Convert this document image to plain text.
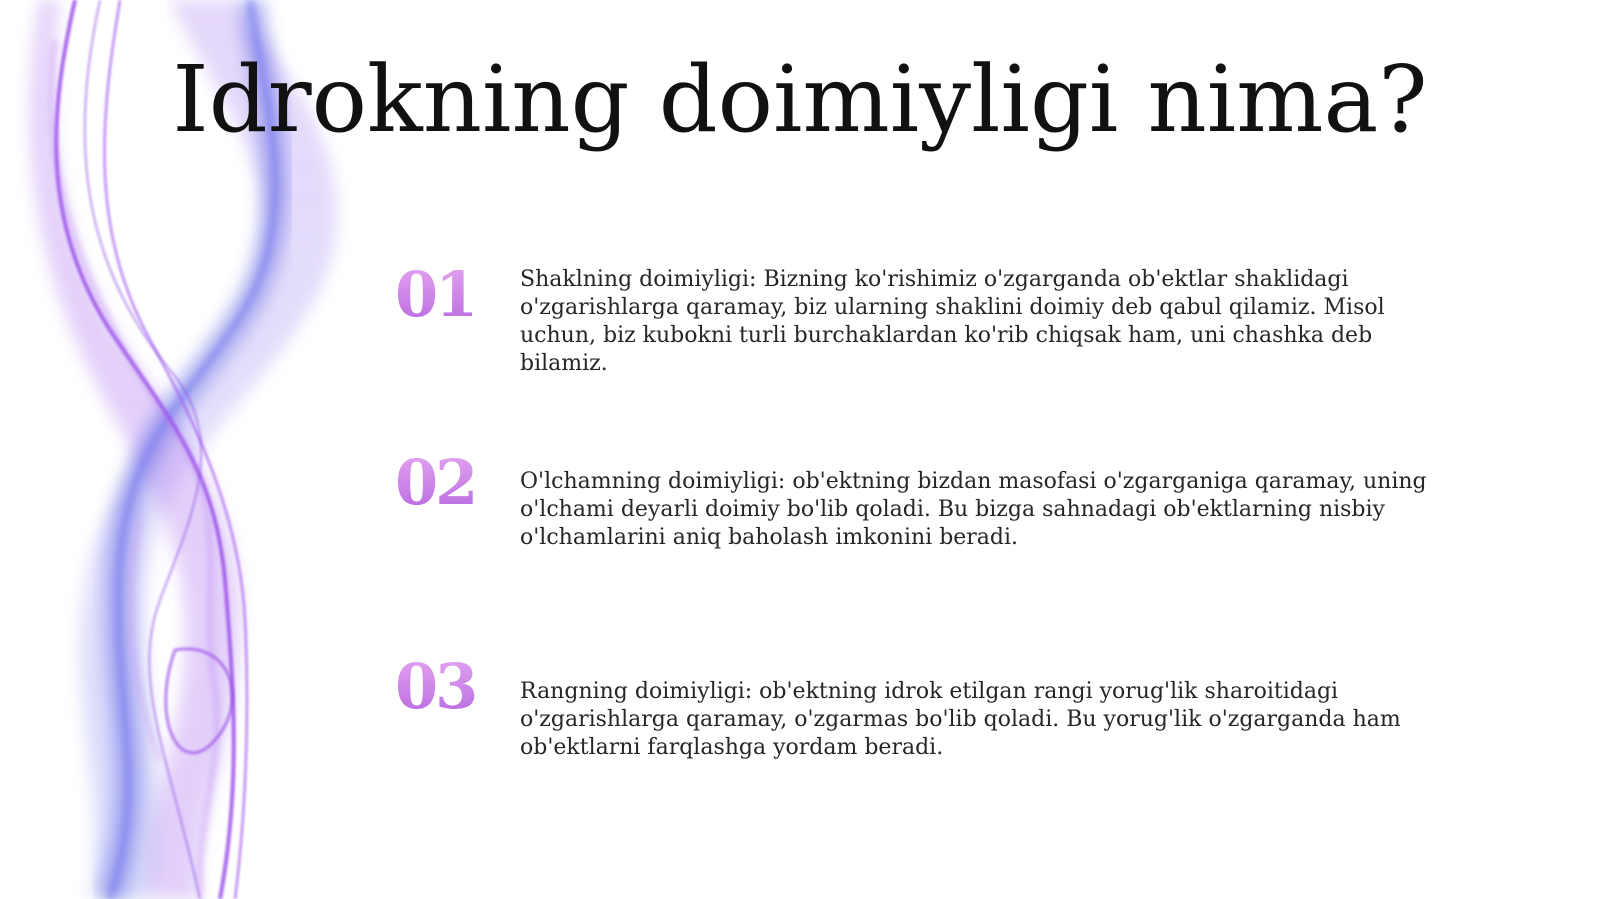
Idrokning doimiyligi nima?
01 Shaklning doimiyligi: Bizning ko'rishimiz o'zgarganda ob'ektlar shaklidagi o'zgarishlarga qaramay, biz ularning shaklini doimiy deb qabul qilamiz. Misol uchun, biz kubokni turli burchaklardan ko'rib chiqsak ham, uni chashka deb bilamiz.
02 O'lchamning doimiyligi: ob'ektning bizdan masofasi o'zgarganiga qaramay, uning o'lchami deyarli doimiy bo'lib qoladi. Bu bizga sahnadagi ob'ektlarning nisbiy o'lchamlarini aniq baholash imkonini beradi.
03 Rangning doimiyligi: ob'ektning idrok etilgan rangi yorug'lik sharoitidagi o'zgarishlarga qaramay, o'zgarmas bo'lib qoladi. Bu yorug'lik o'zgarganda ham ob'ektlarni farqlashga yordam beradi.
